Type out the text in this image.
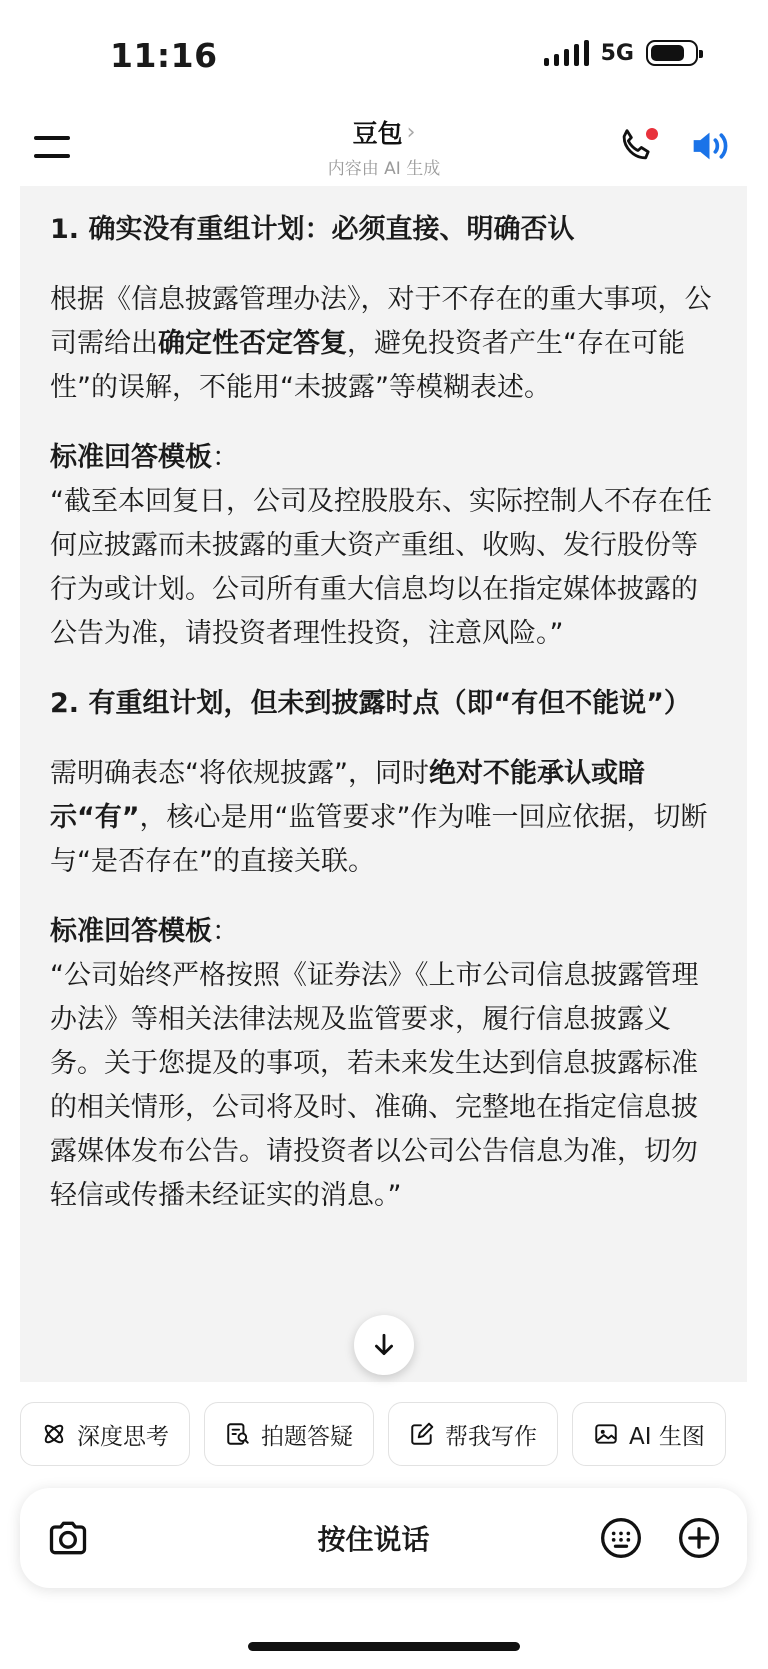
11:16	5G
豆包 ›
内容由 AI 生成

1. 确实没有重组计划：必须直接、明确否认

根据《信息披露管理办法》，对于不存在的重大事项，公司需给出确定性否定答复，避免投资者产生“存在可能性”的误解，不能用“未披露”等模糊表述。

标准回答模板：

“截至本回复日，公司及控股股东、实际控制人不存在任何应披露而未披露的重大资产重组、收购、发行股份等行为或计划。公司所有重大信息均以在指定媒体披露的公告为准，请投资者理性投资，注意风险。”

2. 有重组计划，但未到披露时点（即“有但不能说”）

需明确表态“将依规披露”，同时绝对不能承认或暗示“有”，核心是用“监管要求”作为唯一回应依据，切断与“是否存在”的直接关联。

标准回答模板：

“公司始终严格按照《证券法》《上市公司信息披露管理办法》等相关法律法规及监管要求，履行信息披露义务。关于您提及的事项，若未来发生达到信息披露标准的相关情形，公司将及时、准确、完整地在指定信息披露媒体发布公告。请投资者以公司公告信息为准，切勿轻信或传播未经证实的消息。”

深度思考	拍题答疑	帮我写作	AI 生图
按住说话
